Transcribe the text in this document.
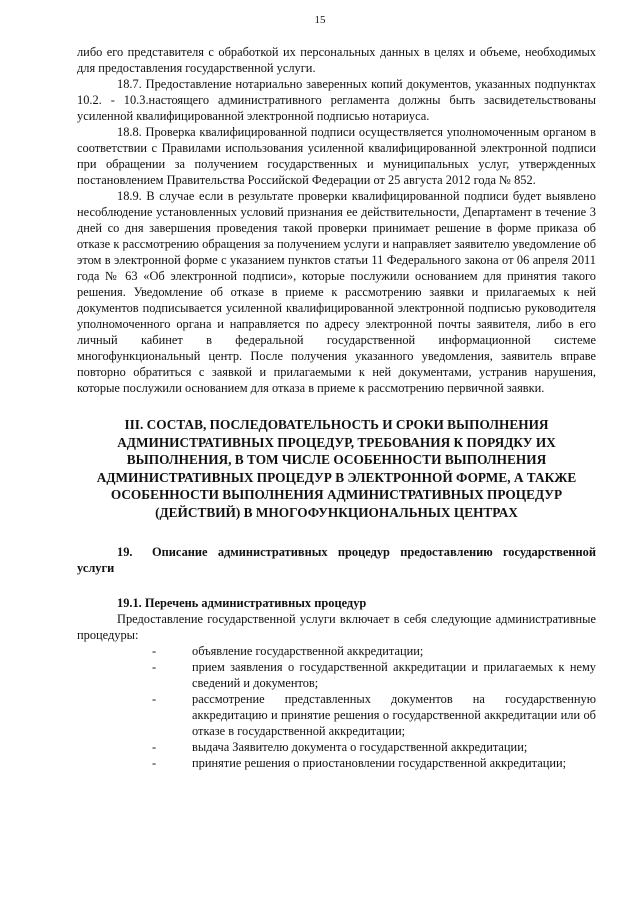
15

либо его представителя с обработкой их персональных данных в целях и объеме, необходимых для предоставления государственной услуги.

18.7. Предоставление нотариально заверенных копий документов, указанных подпунктах 10.2. - 10.3.настоящего административного регламента должны быть засвидетельствованы усиленной квалифицированной электронной подписью нотариуса.

18.8. Проверка квалифицированной подписи осуществляется уполномоченным органом в соответствии с Правилами использования усиленной квалифицированной электронной подписи при обращении за получением государственных и муниципальных услуг, утвержденных постановлением Правительства Российской Федерации от 25 августа 2012 года № 852.

18.9. В случае если в результате проверки квалифицированной подписи будет выявлено несоблюдение установленных условий признания ее действительности, Департамент в течение 3 дней со дня завершения проведения такой проверки принимает решение в форме приказа об отказе к рассмотрению обращения за получением услуги и направляет заявителю уведомление об этом в электронной форме с указанием пунктов статьи 11 Федерального закона от 06 апреля 2011 года № 63 «Об электронной подписи», которые послужили основанием для принятия такого решения. Уведомление об отказе в приеме к рассмотрению заявки и прилагаемых к ней документов подписывается усиленной квалифицированной электронной подписью руководителя уполномоченного органа и направляется по адресу электронной почты заявителя, либо в его личный кабинет в федеральной государственной информационной системе многофункциональный центр. После получения указанного уведомления, заявитель вправе повторно обратиться с заявкой и прилагаемыми к ней документами, устранив нарушения, которые послужили основанием для отказа в приеме к рассмотрению первичной заявки.

III. СОСТАВ, ПОСЛЕДОВАТЕЛЬНОСТЬ И СРОКИ ВЫПОЛНЕНИЯ АДМИНИСТРАТИВНЫХ ПРОЦЕДУР, ТРЕБОВАНИЯ К ПОРЯДКУ ИХ ВЫПОЛНЕНИЯ, В ТОМ ЧИСЛЕ ОСОБЕННОСТИ ВЫПОЛНЕНИЯ АДМИНИСТРАТИВНЫХ ПРОЦЕДУР В ЭЛЕКТРОННОЙ ФОРМЕ, А ТАКЖЕ ОСОБЕННОСТИ ВЫПОЛНЕНИЯ АДМИНИСТРАТИВНЫХ ПРОЦЕДУР (ДЕЙСТВИЙ) В МНОГОФУНКЦИОНАЛЬНЫХ ЦЕНТРАХ

19. Описание административных процедур предоставлению государственной услуги

19.1. Перечень административных процедур

Предоставление государственной услуги включает в себя следующие административные процедуры:

-	объявление государственной аккредитации;
-	прием заявления о государственной аккредитации и прилагаемых к нему сведений и документов;
-	рассмотрение представленных документов на государственную аккредитацию и принятие решения о государственной аккредитации или об отказе в государственной аккредитации;
-	выдача Заявителю документа о государственной аккредитации;
-	принятие решения о приостановлении государственной аккредитации;
